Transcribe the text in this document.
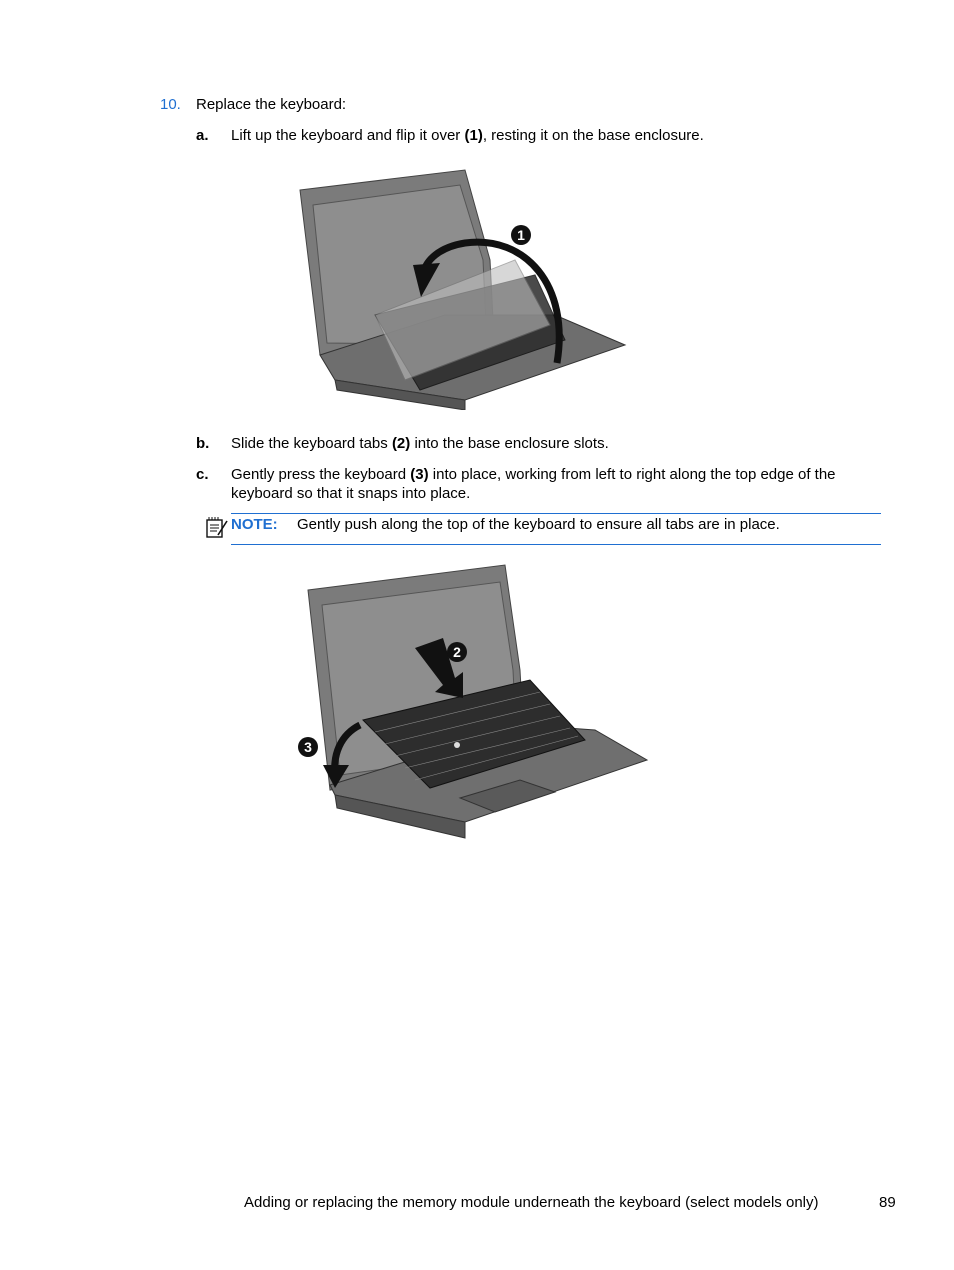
10. Replace the keyboard:
a. Lift up the keyboard and flip it over (1), resting it on the base enclosure.
1
b. Slide the keyboard tabs (2) into the base enclosure slots.
c. Gently press the keyboard (3) into place, working from left to right along the top edge of the
keyboard so that it snaps into place.
NOTE: Gently push along the top of the keyboard to ensure all tabs are in place.
2
3
Adding or replacing the memory module underneath the keyboard (select models only)	89
